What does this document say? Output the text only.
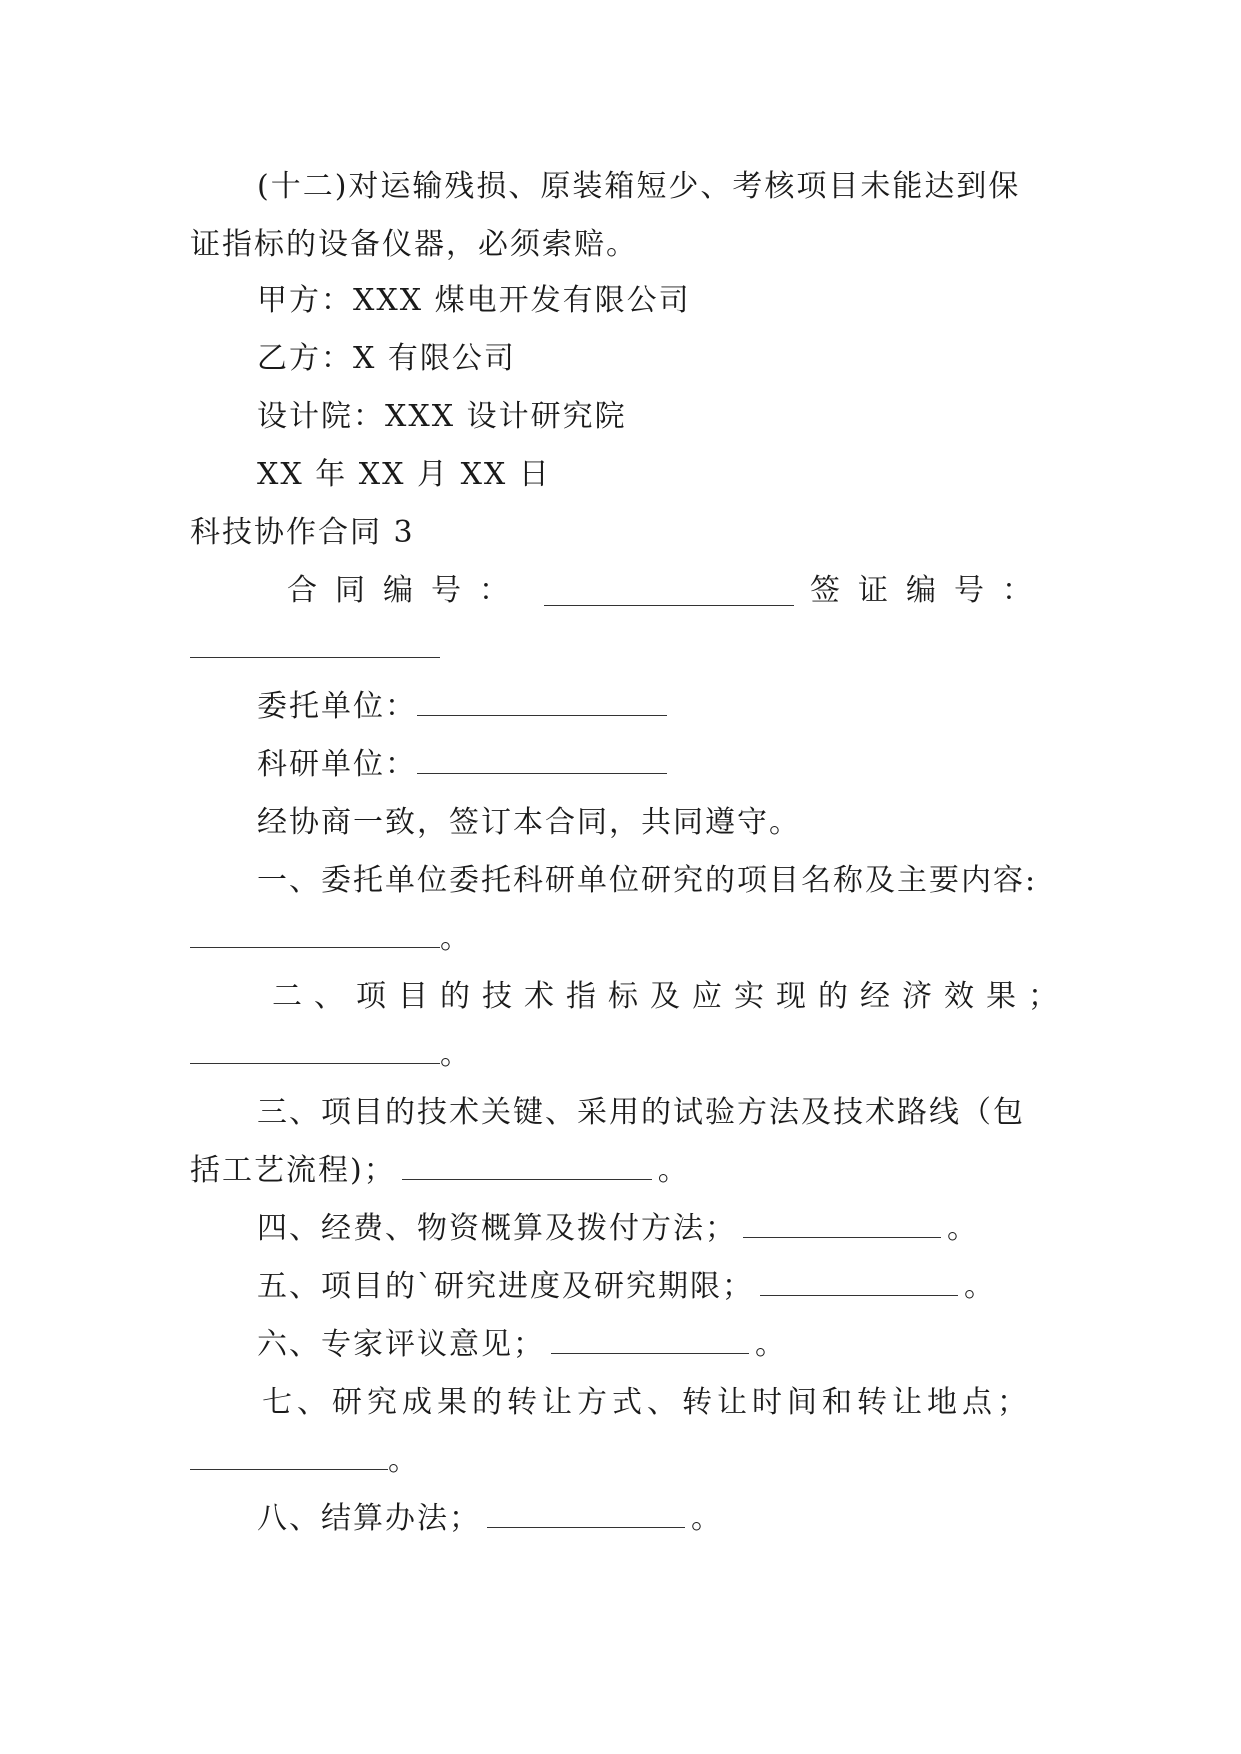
(十二)对运输残损、原装箱短少、考核项目未能达到保
证指标的设备仪器，必须索赔。
甲方：XXX 煤电开发有限公司
乙方：X 有限公司
设计院：XXX 设计研究院
XX 年 XX 月 XX 日
科技协作合同 3
合同编号：	签证编号：
委托单位：
科研单位：
经协商一致，签订本合同，共同遵守。
一、委托单位委托科研单位研究的项目名称及主要内容:
。
二、项目的技术指标及应实现的经济效果；
。
三、项目的技术关键、采用的试验方法及技术路线（包
括工艺流程)；	。
四、经费、物资概算及拨付方法；	。
五、项目的`研究进度及研究期限；	。
六、专家评议意见；	。
七、研究成果的转让方式、转让时间和转让地点；
。
八、结算办法；	。
